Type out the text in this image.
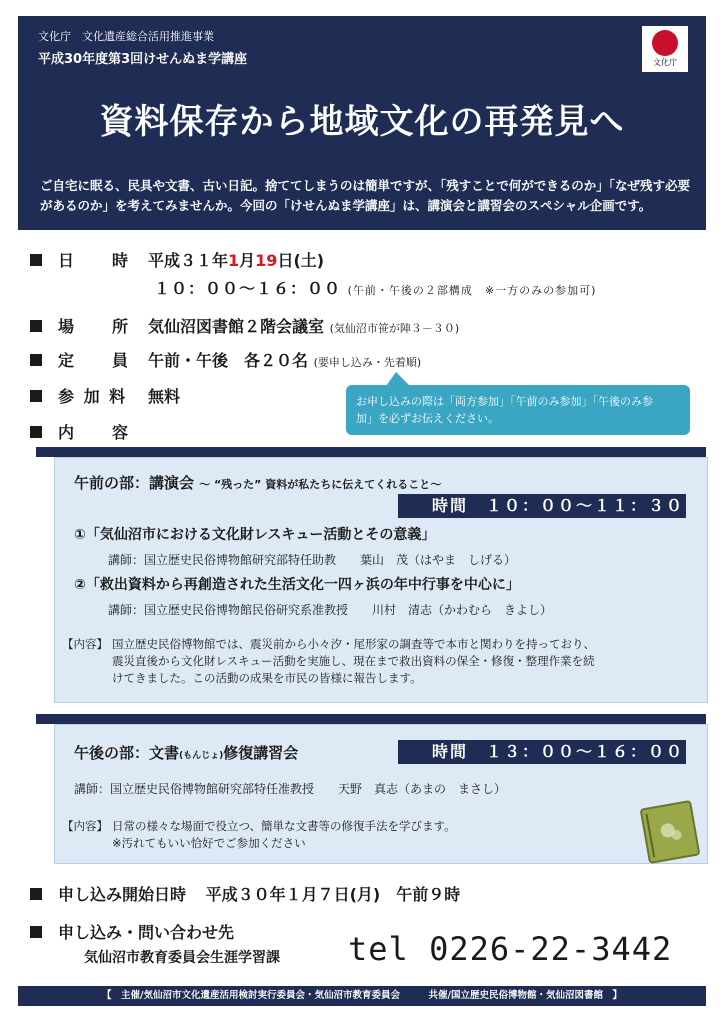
文化庁　文化遺産総合活用推進事業
平成30年度第3回けせんぬま学講座	文化庁
資料保存から地域文化の再発見へ
ご自宅に眠る、民具や文書、古い日記。捨ててしまうのは簡単ですが、「残すことで何ができるのか」「なぜ残す必要があるのか」を考えてみませんか。今回の「けせんぬま学講座」は、講演会と講習会のスペシャル企画です。
日　　時 平成３１年1月19日(土)
１０：００〜１６：００ (午前・午後の２部構成　※一方のみの参加可)
場　　所 気仙沼図書館２階会議室 (気仙沼市笹が陣３－３０)
定　　員 午前・午後　各２０名 (要申し込み・先着順)
参 加 料 無料
内　　容
お申し込みの際は「両方参加」「午前のみ参加」「午後のみ参
加」を必ずお伝えください。
午前の部：講演会 〜 “残った” 資料が私たちに伝えてくれること〜
時間　１０：００〜１１：３０
①「気仙沼市における文化財レスキュー活動とその意義」
講師：国立歴史民俗博物館研究部特任助教　　葉山　茂（はやま　しげる）
②「救出資料から再創造された生活文化一四ヶ浜の年中行事を中心に」
講師：国立歴史民俗博物館民俗研究系准教授　　川村　清志（かわむら　きよし）
【内容】 国立歴史民俗博物館では、震災前から小々汐・尾形家の調査等で本市と関わりを持っており、
震災直後から文化財レスキュー活動を実施し、現在まで救出資料の保全・修復・整理作業を続
けてきました。この活動の成果を市民の皆様に報告します。
午後の部：文書(もんじょ)修復講習会	時間　１３：００〜１６：００
講師：国立歴史民俗博物館研究部特任准教授　　天野　真志（あまの　まさし）
【内容】 日常の様々な場面で役立つ、簡単な文書等の修復手法を学びます。
※汚れてもいい恰好でご参加ください
申し込み開始日時 平成３０年１月７日(月)　午前９時
申し込み・問い合わせ先
気仙沼市教育委員会生涯学習課 tel 0226-22-3442
【　主催/気仙沼市文化遺産活用検討実行委員会・気仙沼市教育委員会　　　共催/国立歴史民俗博物館・気仙沼図書館　】
